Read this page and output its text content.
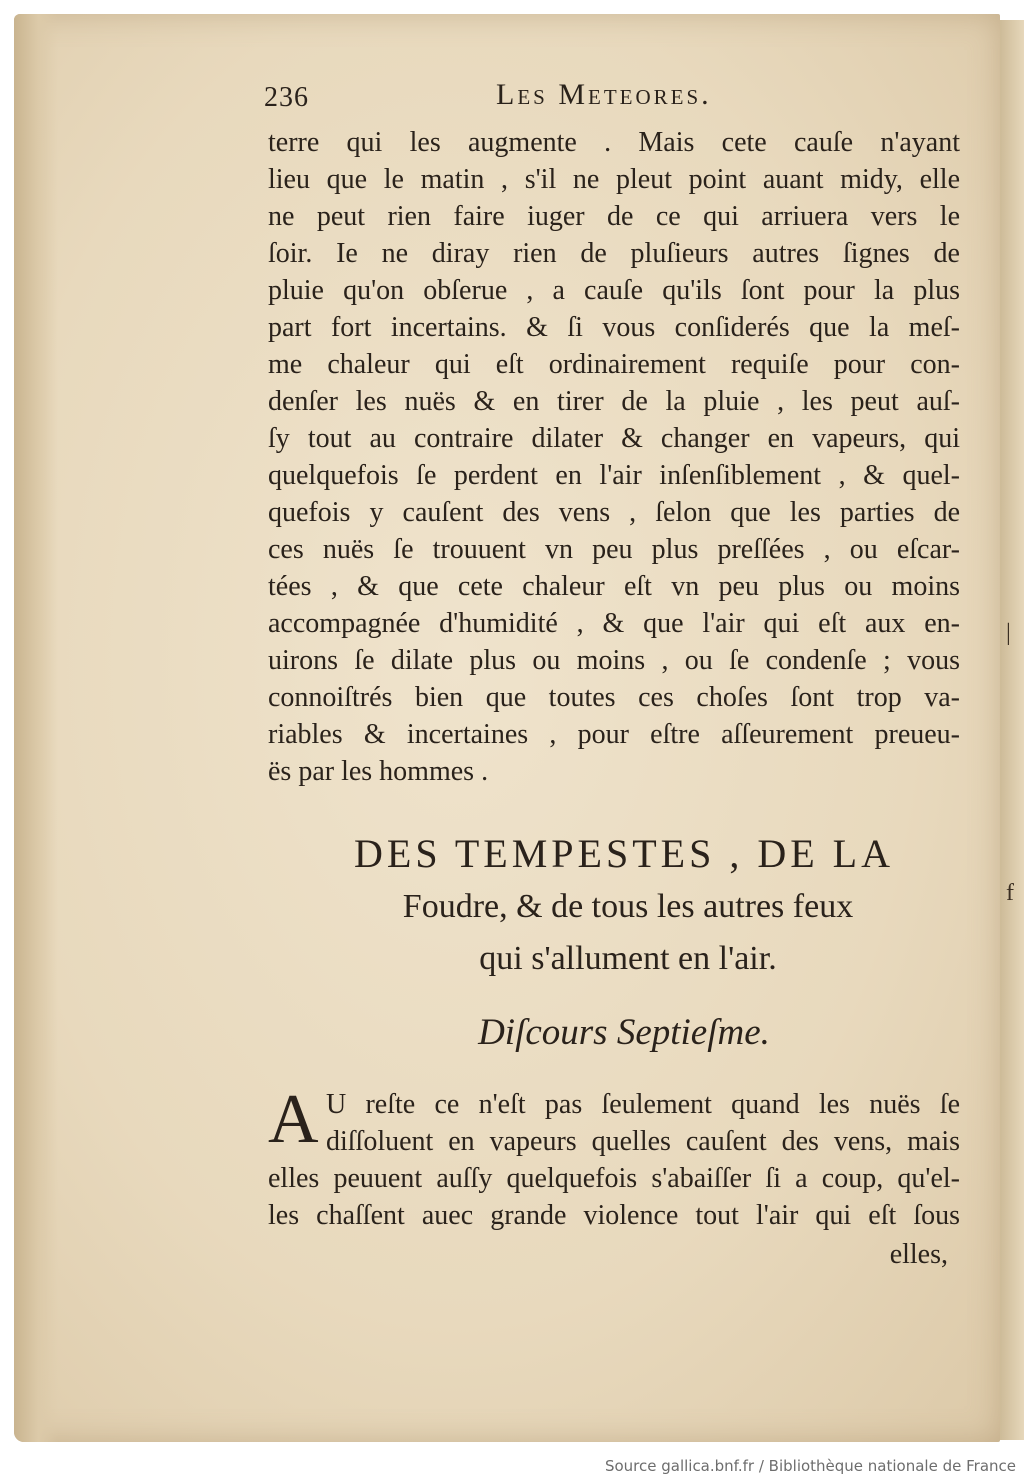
|
f
236	Les Meteores.
terre qui les augmente . Mais cete cauſe n'ayant
lieu que le matin , s'il ne pleut point auant midy, elle
ne peut rien faire iuger de ce qui arriuera vers le
ſoir. Ie ne diray rien de pluſieurs autres ſignes de
pluie qu'on obſerue , a cauſe qu'ils ſont pour la plus
part fort incertains. & ſi vous conſiderés que la meſ-
me chaleur qui eſt ordinairement requiſe pour con-
denſer les nuës & en tirer de la pluie , les peut auſ-
ſy tout au contraire dilater & changer en vapeurs, qui
quelquefois ſe perdent en l'air inſenſiblement , & quel-
quefois y cauſent des vens , ſelon que les parties de
ces nuës ſe trouuent vn peu plus preſſées , ou eſcar-
tées , & que cete chaleur eſt vn peu plus ou moins
accompagnée d'humidité , & que l'air qui eſt aux en-
uirons ſe dilate plus ou moins , ou ſe condenſe ; vous
connoiſtrés bien que toutes ces choſes ſont trop va-
riables & incertaines , pour eſtre aſſeurement preueu-
ës par les hommes .
DES TEMPESTES , DE LA
Foudre, & de tous les autres feux
qui s'allument en l'air.
Diſcours Septieſme.
A U reſte ce n'eſt pas ſeulement quand les nuës ſe
diſſoluent en vapeurs quelles cauſent des vens, mais
elles peuuent auſſy quelquefois s'abaiſſer ſi a coup, qu'el-
les chaſſent auec grande violence tout l'air qui eſt ſous
elles,
Source gallica.bnf.fr / Bibliothèque nationale de France
